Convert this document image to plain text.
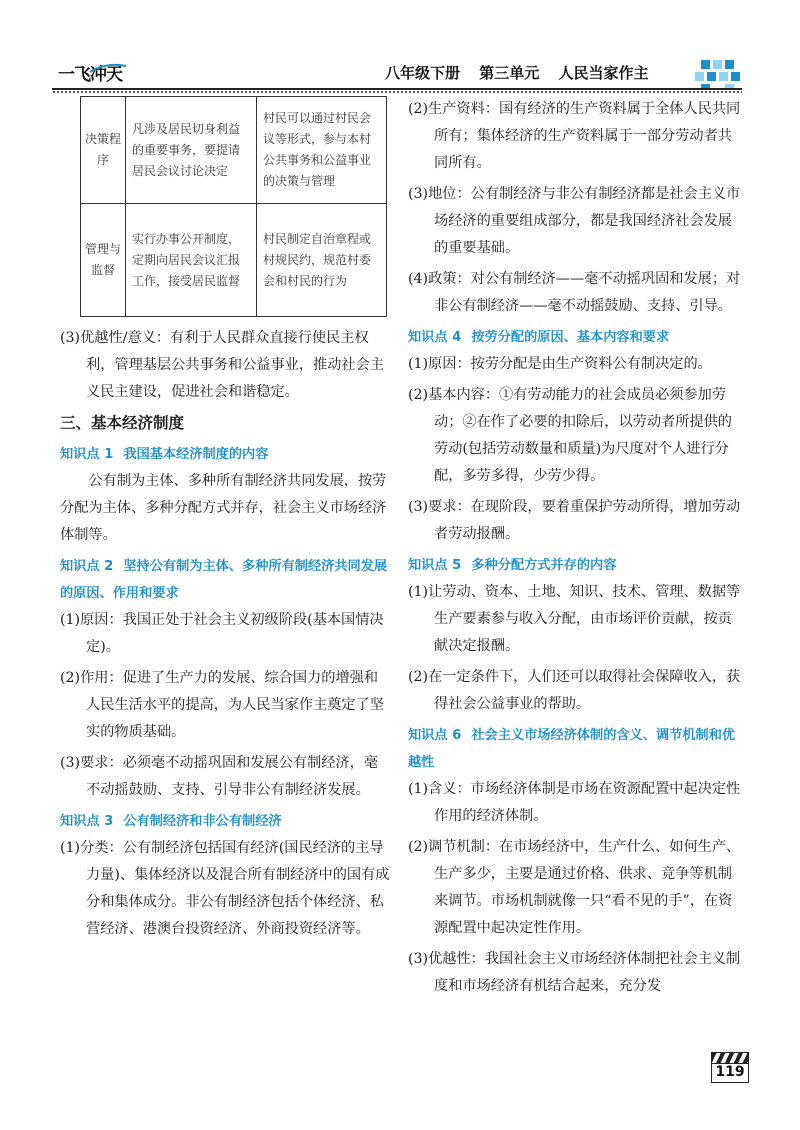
一飞冲天	八年级下册 第三单元 人民当家作主
决策程序	凡涉及居民切身利益的重要事务，要提请居民会议讨论决定	村民可以通过村民会议等形式，参与本村公共事务和公益事业的决策与管理
管理与监督	实行办事公开制度，定期向居民会议汇报工作，接受居民监督	村民制定自治章程或村规民约，规范村委会和村民的行为

(3)优越性/意义：有利于人民群众直接行使民主权利，管理基层公共事务和公益事业，推动社会主义民主建设，促进社会和谐稳定。

三、基本经济制度
知识点 1 我国基本经济制度的内容

公有制为主体、多种所有制经济共同发展，按劳分配为主体、多种分配方式并存，社会主义市场经济体制等。

知识点 2 坚持公有制为主体、多种所有制经济共同发展的原因、作用和要求

(1)原因：我国正处于社会主义初级阶段(基本国情决定)。

(2)作用：促进了生产力的发展、综合国力的增强和人民生活水平的提高，为人民当家作主奠定了坚实的物质基础。

(3)要求：必须毫不动摇巩固和发展公有制经济，毫不动摇鼓励、支持、引导非公有制经济发展。

知识点 3 公有制经济和非公有制经济

(1)分类：公有制经济包括国有经济(国民经济的主导力量)、集体经济以及混合所有制经济中的国有成分和集体成分。非公有制经济包括个体经济、私营经济、港澳台投资经济、外商投资经济等。

(2)生产资料：国有经济的生产资料属于全体人民共同所有；集体经济的生产资料属于一部分劳动者共同所有。

(3)地位：公有制经济与非公有制经济都是社会主义市场经济的重要组成部分，都是我国经济社会发展的重要基础。

(4)政策：对公有制经济——毫不动摇巩固和发展；对非公有制经济——毫不动摇鼓励、支持、引导。

知识点 4 按劳分配的原因、基本内容和要求

(1)原因：按劳分配是由生产资料公有制决定的。

(2)基本内容：①有劳动能力的社会成员必须参加劳动；②在作了必要的扣除后，以劳动者所提供的劳动(包括劳动数量和质量)为尺度对个人进行分配，多劳多得，少劳少得。

(3)要求：在现阶段，要着重保护劳动所得，增加劳动者劳动报酬。

知识点 5 多种分配方式并存的内容

(1)让劳动、资本、土地、知识、技术、管理、数据等生产要素参与收入分配，由市场评价贡献，按贡献决定报酬。

(2)在一定条件下，人们还可以取得社会保障收入，获得社会公益事业的帮助。

知识点 6 社会主义市场经济体制的含义、调节机制和优越性

(1)含义：市场经济体制是市场在资源配置中起决定性作用的经济体制。

(2)调节机制：在市场经济中，生产什么、如何生产、生产多少，主要是通过价格、供求、竞争等机制来调节。市场机制就像一只“看不见的手”，在资源配置中起决定性作用。

(3)优越性：我国社会主义市场经济体制把社会主义制度和市场经济有机结合起来，充分发

119
